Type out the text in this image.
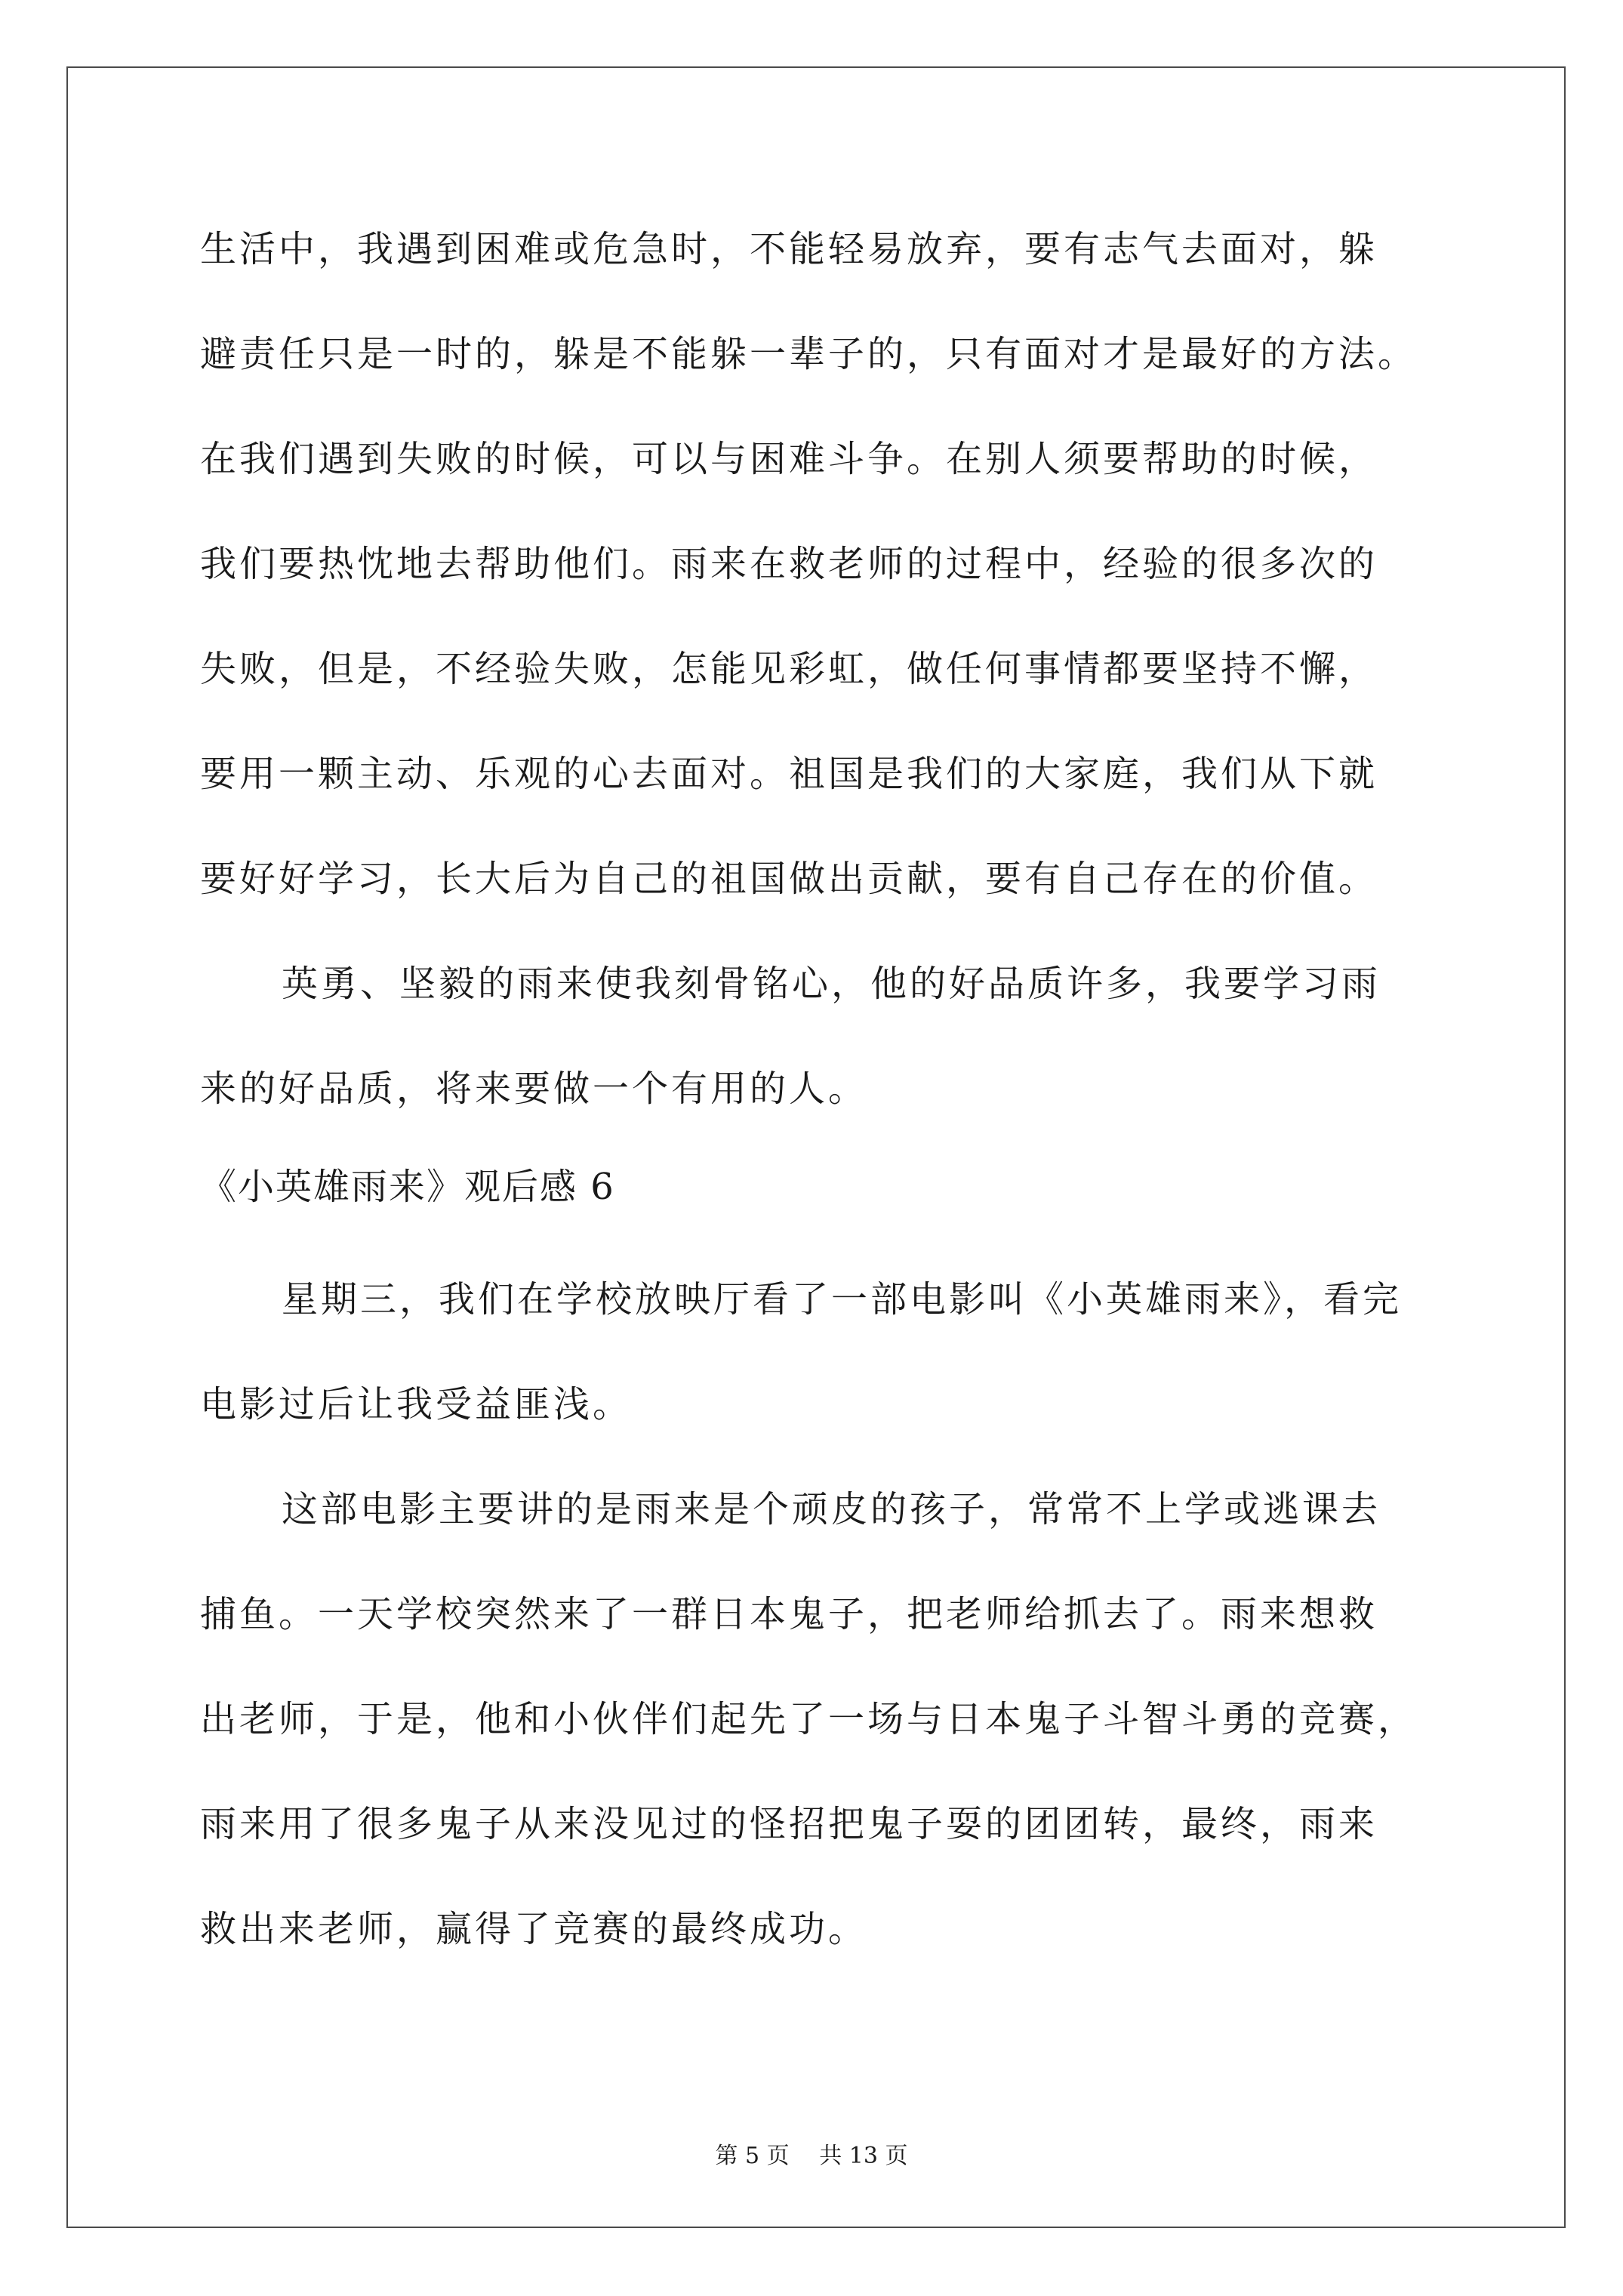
生活中，我遇到困难或危急时，不能轻易放弃，要有志气去面对，躲
避责任只是一时的，躲是不能躲一辈子的，只有面对才是最好的方法。
在我们遇到失败的时候，可以与困难斗争。在别人须要帮助的时候，
我们要热忱地去帮助他们。雨来在救老师的过程中，经验的很多次的
失败，但是，不经验失败，怎能见彩虹，做任何事情都要坚持不懈，
要用一颗主动、乐观的心去面对。祖国是我们的大家庭，我们从下就
要好好学习，长大后为自己的祖国做出贡献，要有自己存在的价值。
英勇、坚毅的雨来使我刻骨铭心，他的好品质许多，我要学习雨
来的好品质，将来要做一个有用的人。
《小英雄雨来》观后感 6
星期三，我们在学校放映厅看了一部电影叫《小英雄雨来》，看完
电影过后让我受益匪浅。
这部电影主要讲的是雨来是个顽皮的孩子，常常不上学或逃课去
捕鱼。一天学校突然来了一群日本鬼子，把老师给抓去了。雨来想救
出老师，于是，他和小伙伴们起先了一场与日本鬼子斗智斗勇的竞赛，
雨来用了很多鬼子从来没见过的怪招把鬼子耍的团团转，最终，雨来
救出来老师，赢得了竞赛的最终成功。
第 5 页　 共 13 页
